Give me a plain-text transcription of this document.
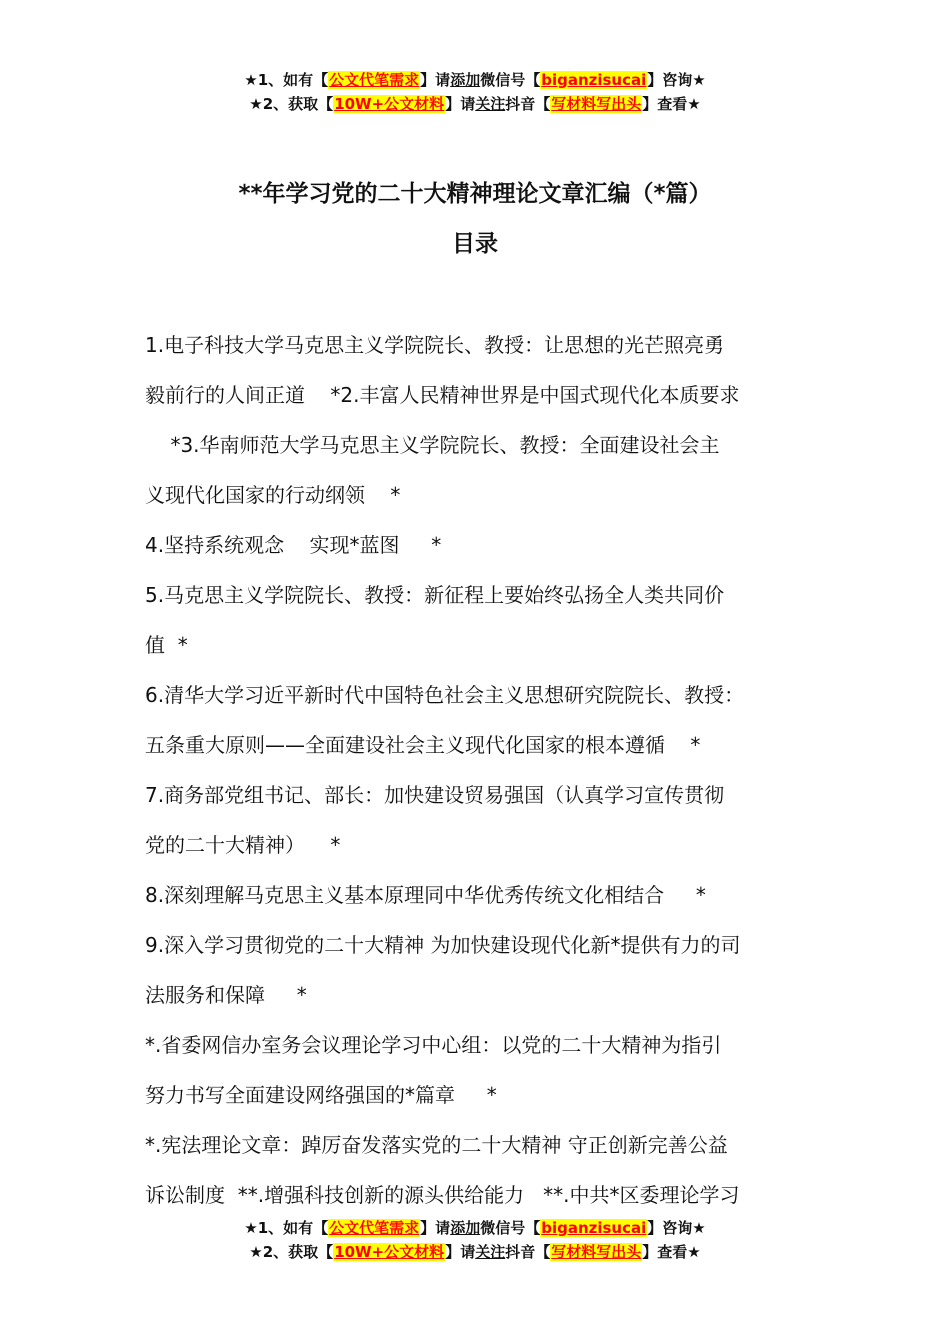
★1、如有【公文代笔需求】请添加微信号【biganzisucai】咨询★
★2、获取【10W+公文材料】请关注抖音【写材料写出头】查看★
**年学习党的二十大精神理论文章汇编（*篇）
目录

1.电子科技大学马克思主义学院院长、教授：让思想的光芒照亮勇

毅前行的人间正道    *2.丰富人民精神世界是中国式现代化本质要求

*3.华南师范大学马克思主义学院院长、教授：全面建设社会主

义现代化国家的行动纲领    *

4.坚持系统观念    实现*蓝图     *

5.马克思主义学院院长、教授：新征程上要始终弘扬全人类共同价

值  *

6.清华大学习近平新时代中国特色社会主义思想研究院院长、教授：

五条重大原则——全面建设社会主义现代化国家的根本遵循    *

7.商务部党组书记、部长：加快建设贸易强国（认真学习宣传贯彻

党的二十大精神）    *

8.深刻理解马克思主义基本原理同中华优秀传统文化相结合     *

9.深入学习贯彻党的二十大精神 为加快建设现代化新*提供有力的司

法服务和保障     *

*.省委网信办室务会议理论学习中心组：以党的二十大精神为指引

努力书写全面建设网络强国的*篇章     *

*.宪法理论文章：踔厉奋发落实党的二十大精神 守正创新完善公益

诉讼制度  **.增强科技创新的源头供给能力   **.中共*区委理论学习

★1、如有【公文代笔需求】请添加微信号【biganzisucai】咨询★
★2、获取【10W+公文材料】请关注抖音【写材料写出头】查看★
